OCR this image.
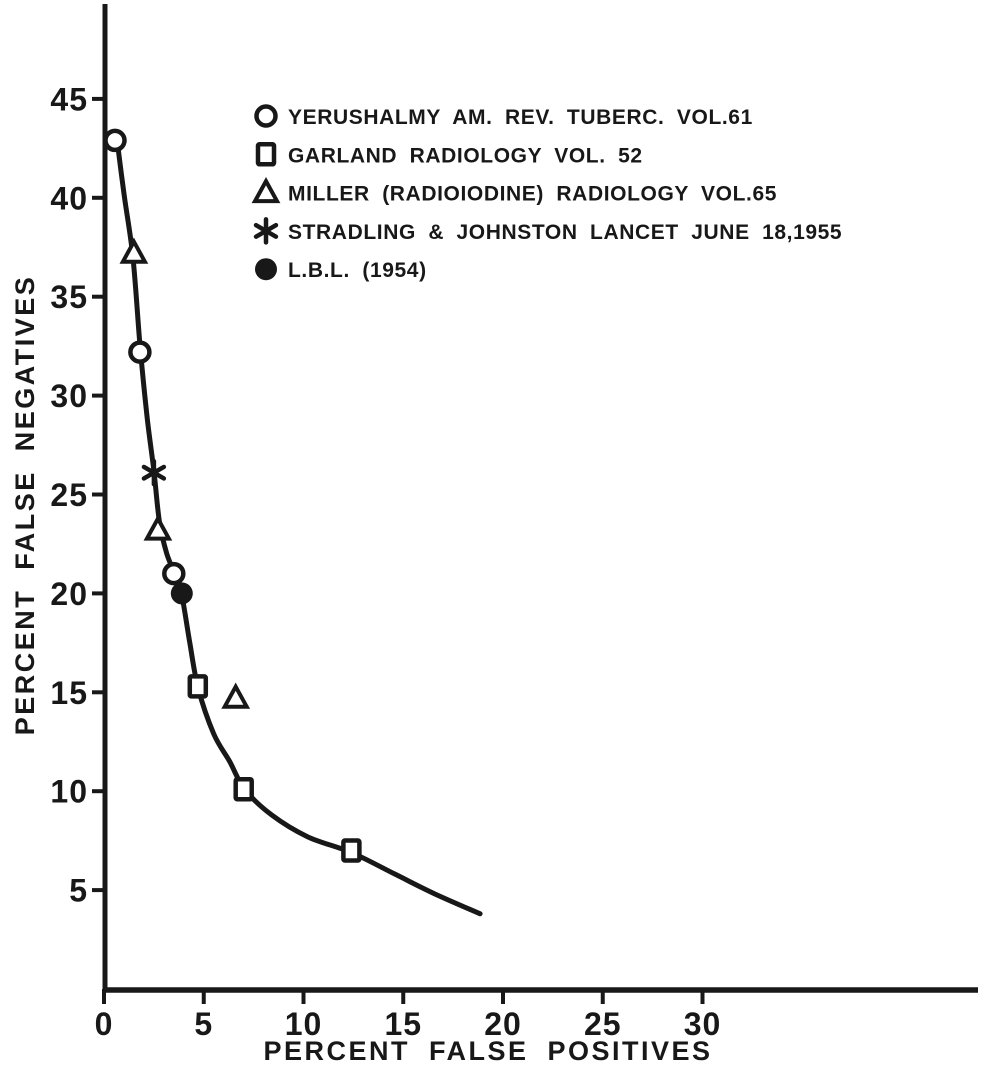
5
10
15
20
25
30
35
40
45
0	5 10 15 20 25 30
YERUSHALMY AM. REV. TUBERC. VOL.61
GARLAND RADIOLOGY VOL. 52
MILLER (RADIOIODINE) RADIOLOGY VOL.65
STRADLING & JOHNSTON LANCET JUNE 18,1955
L.B.L. (1954)
PERCENT FALSE POSITIVES
PERCENT FALSE NEGATIVES
